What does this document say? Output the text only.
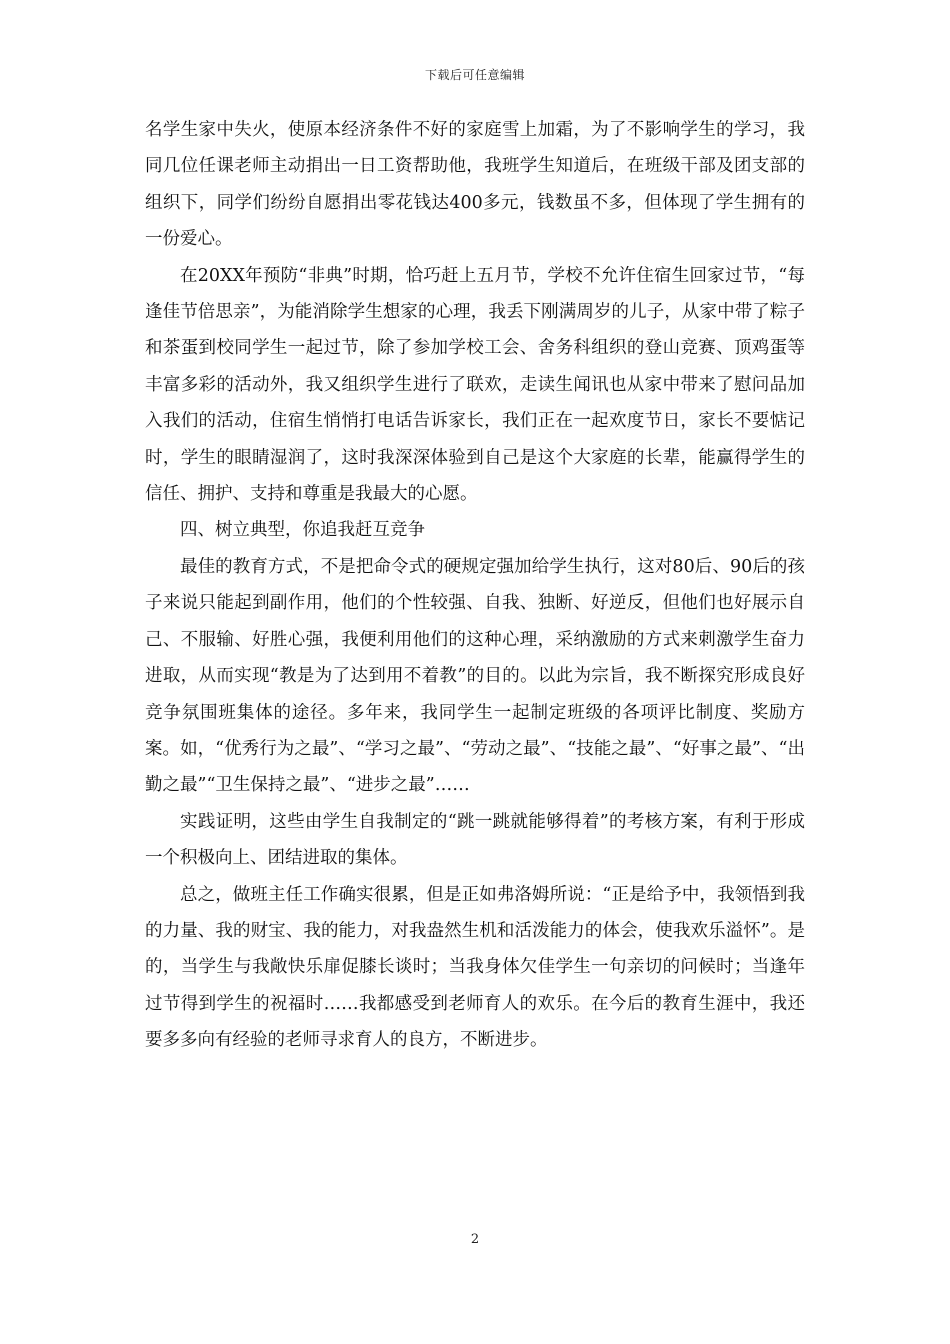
下载后可任意编辑

名学生家中失火，使原本经济条件不好的家庭雪上加霜，为了不影响学生的学习，我同几位任课老师主动捐出一日工资帮助他，我班学生知道后，在班级干部及团支部的组织下，同学们纷纷自愿捐出零花钱达400多元，钱数虽不多，但体现了学生拥有的一份爱心。

在20XX年预防“非典”时期，恰巧赶上五月节，学校不允许住宿生回家过节，“每逢佳节倍思亲”，为能消除学生想家的心理，我丢下刚满周岁的儿子，从家中带了粽子和茶蛋到校同学生一起过节，除了参加学校工会、舍务科组织的登山竞赛、顶鸡蛋等丰富多彩的活动外，我又组织学生进行了联欢，走读生闻讯也从家中带来了慰问品加入我们的活动，住宿生悄悄打电话告诉家长，我们正在一起欢度节日，家长不要惦记时，学生的眼睛湿润了，这时我深深体验到自己是这个大家庭的长辈，能赢得学生的信任、拥护、支持和尊重是我最大的心愿。

四、树立典型，你追我赶互竞争

最佳的教育方式，不是把命令式的硬规定强加给学生执行，这对80后、90后的孩子来说只能起到副作用，他们的个性较强、自我、独断、好逆反，但他们也好展示自己、不服输、好胜心强，我便利用他们的这种心理，采纳激励的方式来刺激学生奋力进取，从而实现“教是为了达到用不着教”的目的。以此为宗旨，我不断探究形成良好竞争氛围班集体的途径。多年来，我同学生一起制定班级的各项评比制度、奖励方案。如，“优秀行为之最”、“学习之最”、“劳动之最”、“技能之最”、“好事之最”、“出勤之最”“卫生保持之最”、“进步之最”……

实践证明，这些由学生自我制定的“跳一跳就能够得着”的考核方案，有利于形成一个积极向上、团结进取的集体。

总之，做班主任工作确实很累，但是正如弗洛姆所说：“正是给予中，我领悟到我的力量、我的财宝、我的能力，对我盎然生机和活泼能力的体会，使我欢乐溢怀”。是的，当学生与我敞快乐扉促膝长谈时；当我身体欠佳学生一句亲切的问候时；当逢年过节得到学生的祝福时……我都感受到老师育人的欢乐。在今后的教育生涯中，我还要多多向有经验的老师寻求育人的良方，不断进步。

2
